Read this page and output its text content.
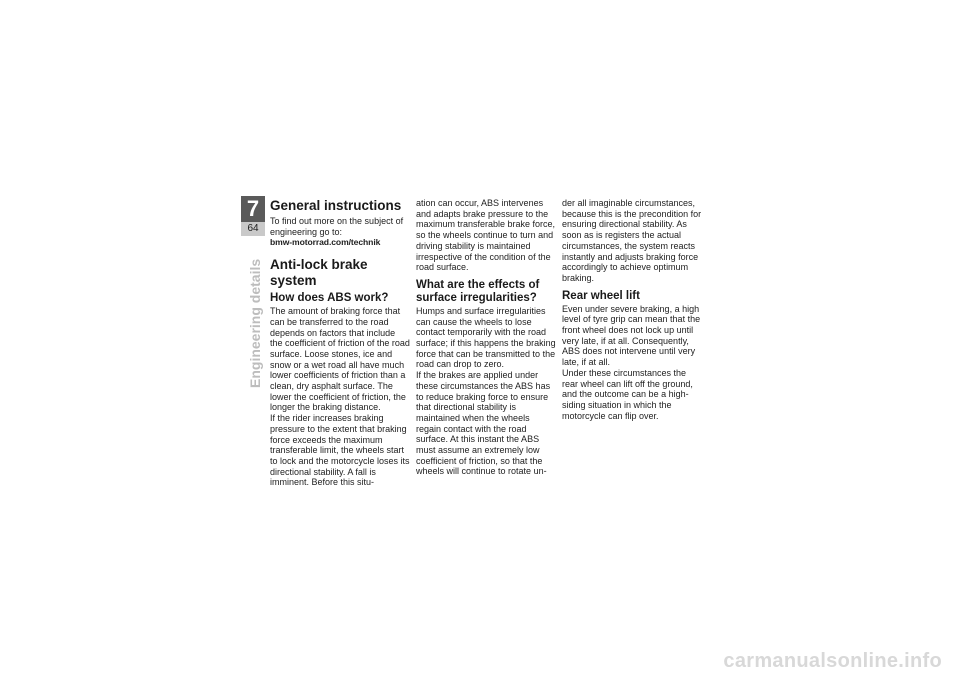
7
64
Engineering details
General instructions

To find out more on the subject of engineering go to:

bmw-motorrad.com/technik

Anti-lock brake system
How does ABS work?

The amount of braking force that can be transferred to the road depends on factors that include the coefficient of friction of the road surface. Loose stones, ice and snow or a wet road all have much lower coefficients of friction than a clean, dry asphalt surface. The lower the coefficient of friction, the longer the braking distance.

If the rider increases braking pressure to the extent that braking force exceeds the maximum transferable limit, the wheels start to lock and the motorcycle loses its directional stability. A fall is imminent. Before this situ-

ation can occur, ABS intervenes and adapts brake pressure to the maximum transferable brake force, so the wheels continue to turn and driving stability is maintained irrespective of the condition of the road surface.

What are the effects of surface irregularities?

Humps and surface irregularities can cause the wheels to lose contact temporarily with the road surface; if this happens the braking force that can be transmitted to the road can drop to zero.

If the brakes are applied under these circumstances the ABS has to reduce braking force to ensure that directional stability is maintained when the wheels regain contact with the road surface. At this instant the ABS must assume an extremely low coefficient of friction, so that the wheels will continue to rotate un-

der all imaginable circumstances, because this is the precondition for ensuring directional stability. As soon as is registers the actual circumstances, the system reacts instantly and adjusts braking force accordingly to achieve optimum braking.

Rear wheel lift

Even under severe braking, a high level of tyre grip can mean that the front wheel does not lock up until very late, if at all. Consequently, ABS does not intervene until very late, if at all.

Under these circumstances the rear wheel can lift off the ground, and the outcome can be a high-siding situation in which the motorcycle can flip over.

carmanualsonline.info
